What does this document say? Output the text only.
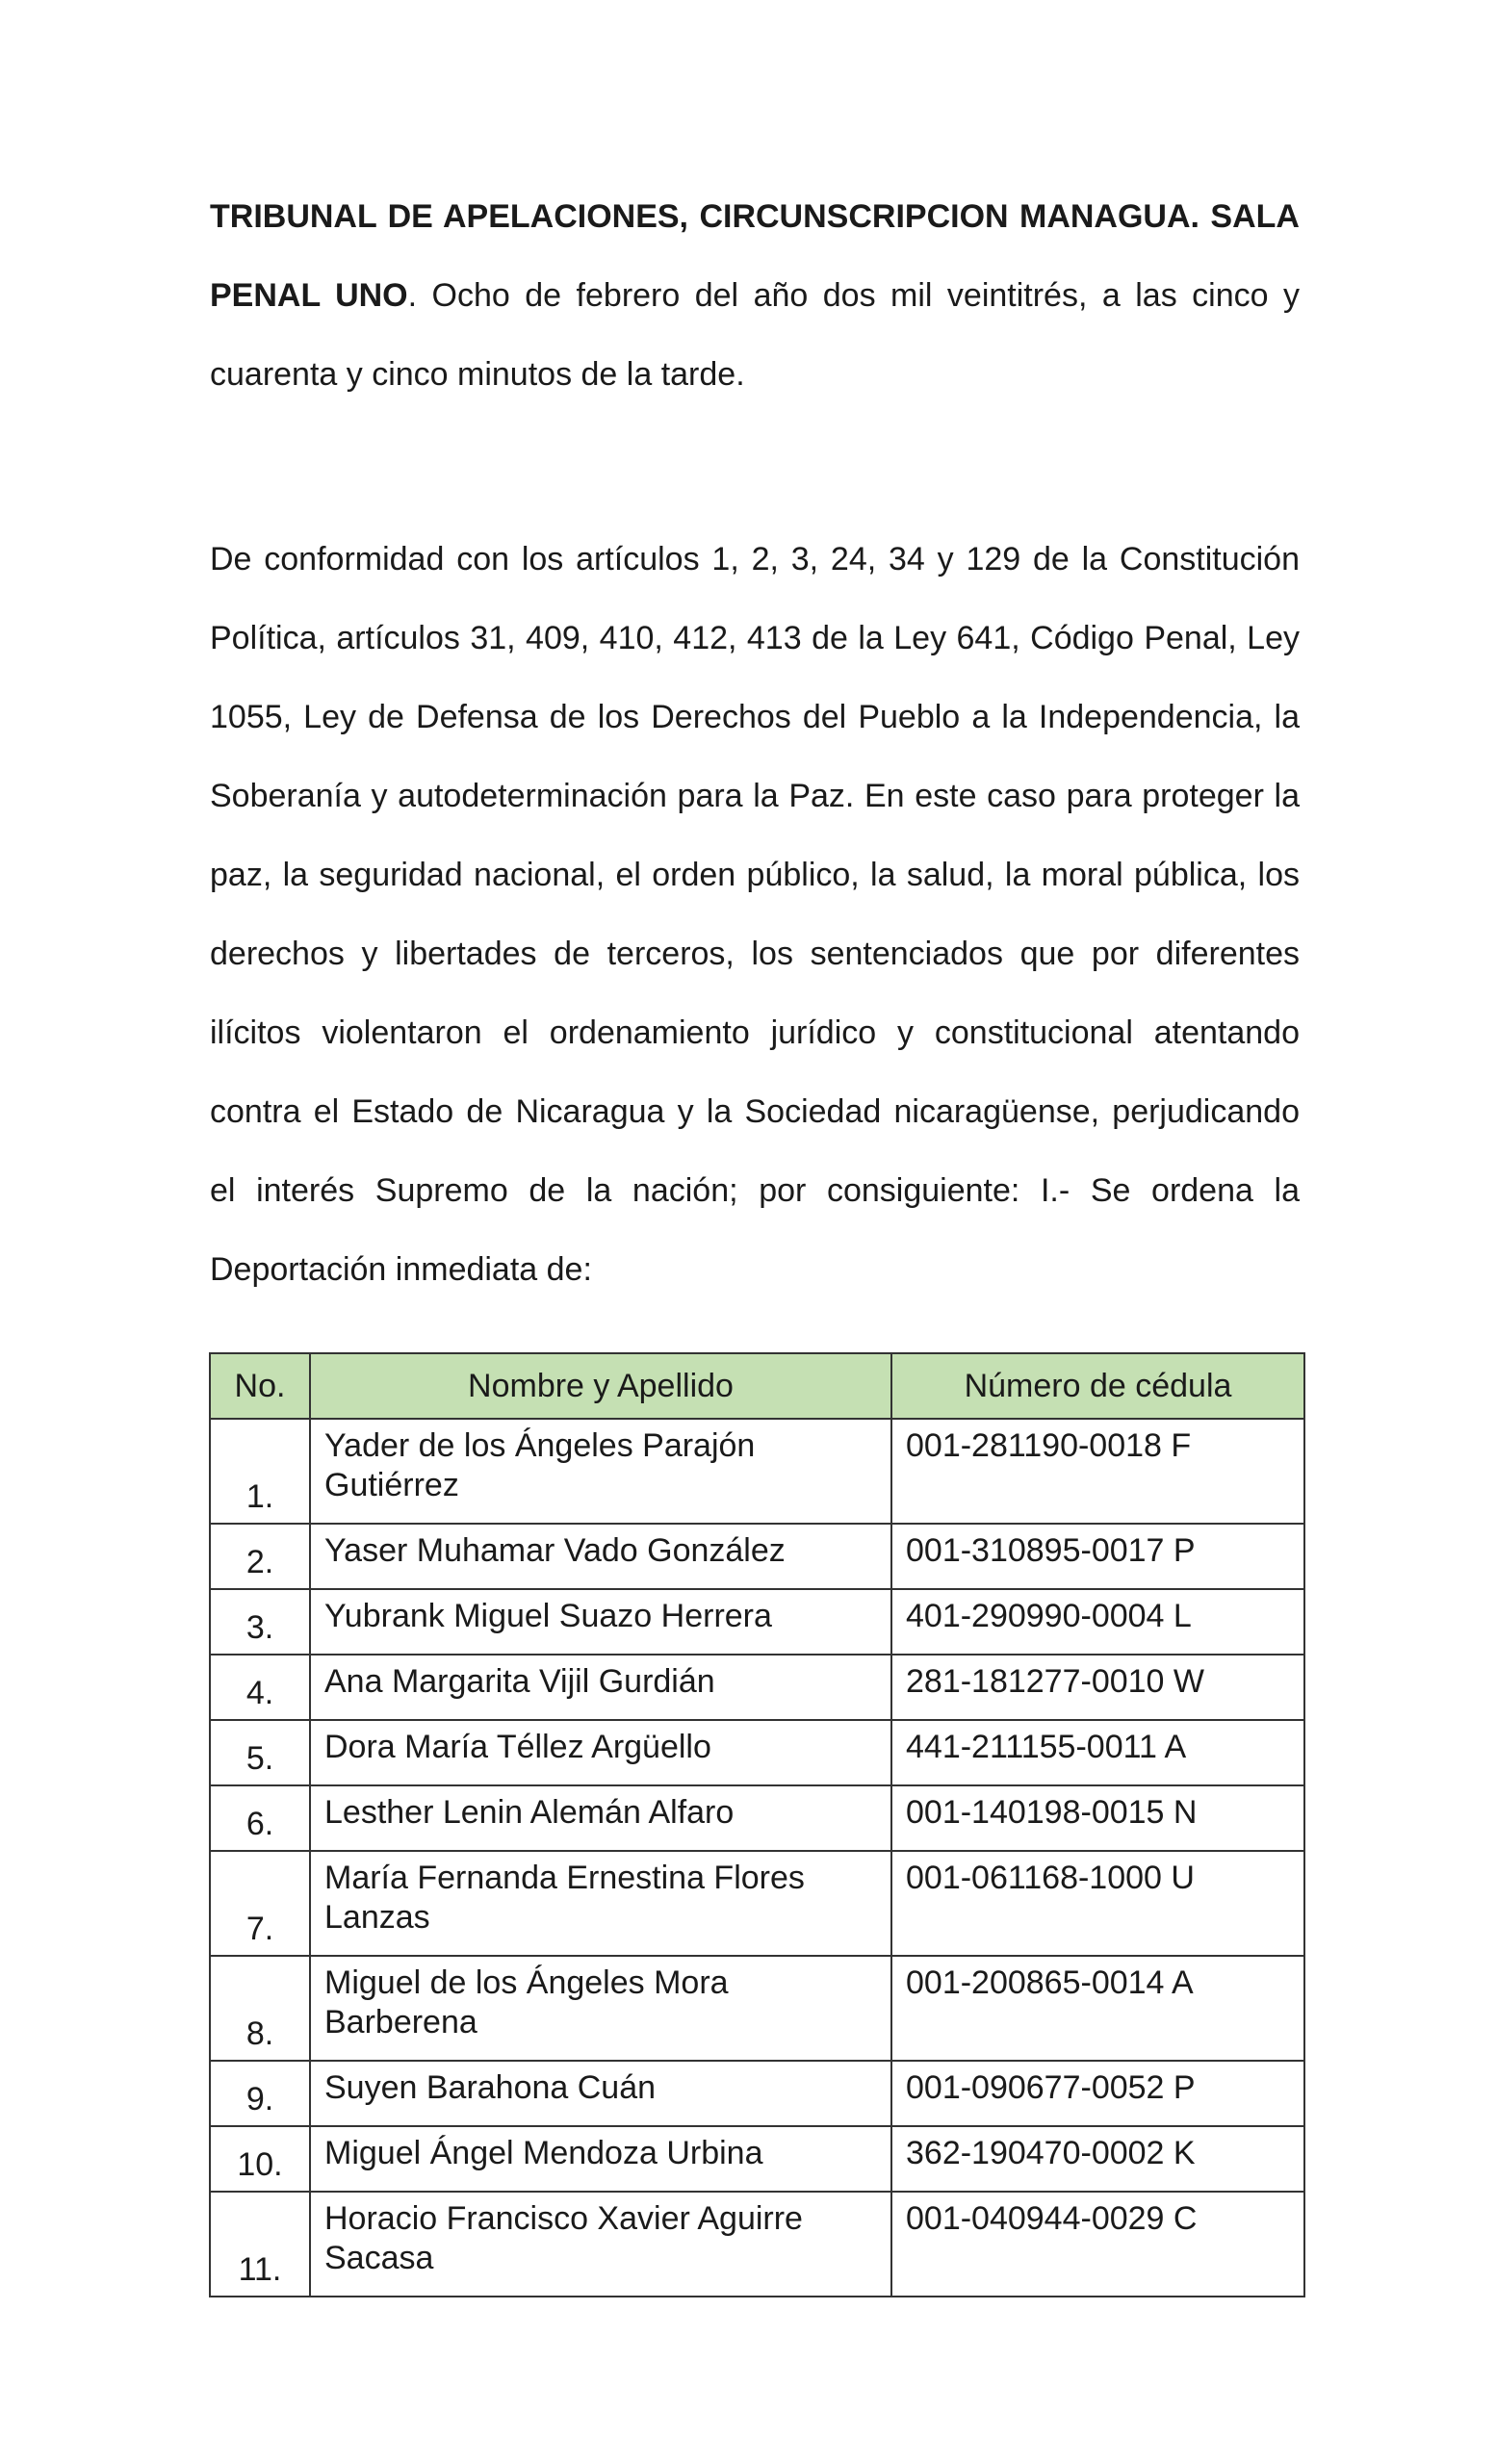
TRIBUNAL DE APELACIONES, CIRCUNSCRIPCION MANAGUA. SALA PENAL UNO. Ocho de febrero del año dos mil veintitrés, a las cinco y cuarenta y cinco minutos de la tarde.
De conformidad con los artículos 1, 2, 3, 24, 34 y 129 de la Constitución Política, artículos 31, 409, 410, 412, 413 de la Ley 641, Código Penal, Ley 1055, Ley de Defensa de los Derechos del Pueblo a la Independencia, la Soberanía y autodeterminación para la Paz. En este caso para proteger la paz, la seguridad nacional, el orden público, la salud, la moral pública, los derechos y libertades de terceros, los sentenciados que por diferentes ilícitos violentaron el ordenamiento jurídico y constitucional atentando contra el Estado de Nicaragua y la Sociedad nicaragüense, perjudicando el interés Supremo de la nación; por consiguiente: I.- Se ordena la Deportación inmediata de:
No.	Nombre y Apellido	Número de cédula
1.	Yader de los Ángeles Parajón Gutiérrez	001-281190-0018 F
2.	Yaser Muhamar Vado González	001-310895-0017 P
3.	Yubrank Miguel Suazo Herrera	401-290990-0004 L
4.	Ana Margarita Vijil Gurdián	281-181277-0010 W
5.	Dora María Téllez Argüello	441-211155-0011 A
6.	Lesther Lenin Alemán Alfaro	001-140198-0015 N
7.	María Fernanda Ernestina Flores Lanzas	001-061168-1000 U
8.	Miguel de los Ángeles Mora Barberena	001-200865-0014 A
9.	Suyen Barahona Cuán	001-090677-0052 P
10.	Miguel Ángel Mendoza Urbina	362-190470-0002 K
11.	Horacio Francisco Xavier Aguirre Sacasa	001-040944-0029 C
